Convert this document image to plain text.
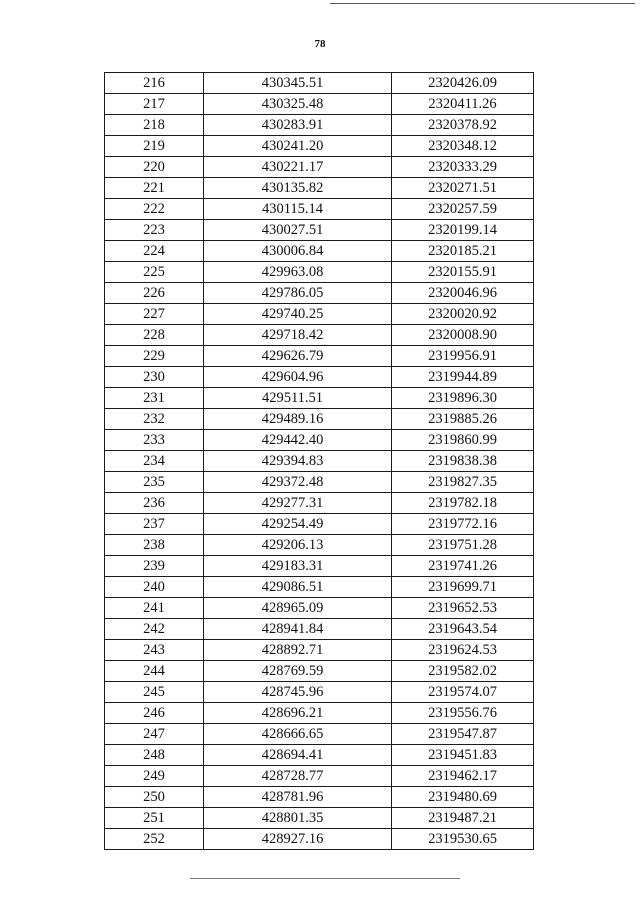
78
216	430345.51	2320426.09
217	430325.48	2320411.26
218	430283.91	2320378.92
219	430241.20	2320348.12
220	430221.17	2320333.29
221	430135.82	2320271.51
222	430115.14	2320257.59
223	430027.51	2320199.14
224	430006.84	2320185.21
225	429963.08	2320155.91
226	429786.05	2320046.96
227	429740.25	2320020.92
228	429718.42	2320008.90
229	429626.79	2319956.91
230	429604.96	2319944.89
231	429511.51	2319896.30
232	429489.16	2319885.26
233	429442.40	2319860.99
234	429394.83	2319838.38
235	429372.48	2319827.35
236	429277.31	2319782.18
237	429254.49	2319772.16
238	429206.13	2319751.28
239	429183.31	2319741.26
240	429086.51	2319699.71
241	428965.09	2319652.53
242	428941.84	2319643.54
243	428892.71	2319624.53
244	428769.59	2319582.02
245	428745.96	2319574.07
246	428696.21	2319556.76
247	428666.65	2319547.87
248	428694.41	2319451.83
249	428728.77	2319462.17
250	428781.96	2319480.69
251	428801.35	2319487.21
252	428927.16	2319530.65
